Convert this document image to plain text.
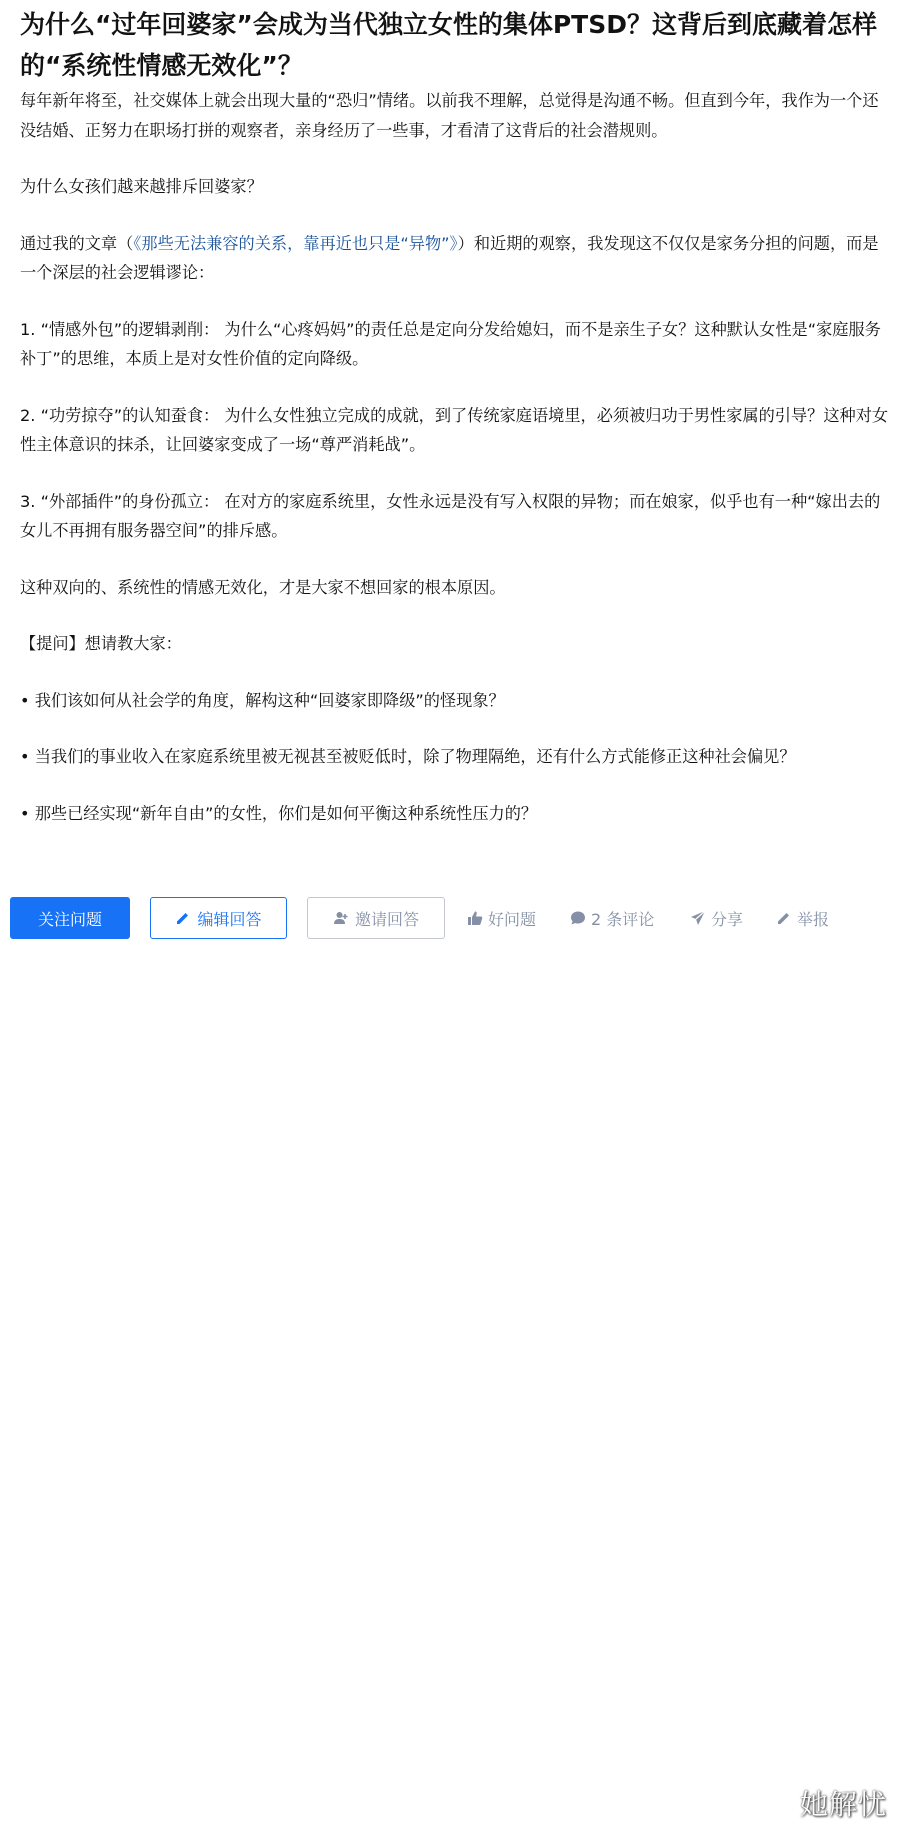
为什么“过年回婆家”会成为当代独立女性的集体PTSD？这背后到底藏着怎样的“系统性情感无效化”？

每年新年将至，社交媒体上就会出现大量的“恐归”情绪。以前我不理解，总觉得是沟通不畅。但直到今年，我作为一个还没结婚、正努力在职场打拼的观察者，亲身经历了一些事，才看清了这背后的社会潜规则。

为什么女孩们越来越排斥回婆家？

通过我的文章（《那些无法兼容的关系，靠再近也只是“异物”》）和近期的观察，我发现这不仅仅是家务分担的问题，而是一个深层的社会逻辑谬论：

1. “情感外包”的逻辑剥削： 为什么“心疼妈妈”的责任总是定向分发给媳妇，而不是亲生子女？这种默认女性是“家庭服务补丁”的思维，本质上是对女性价值的定向降级。

2. “功劳掠夺”的认知蚕食： 为什么女性独立完成的成就，到了传统家庭语境里，必须被归功于男性家属的引导？这种对女性主体意识的抹杀，让回婆家变成了一场“尊严消耗战”。

3. “外部插件”的身份孤立： 在对方的家庭系统里，女性永远是没有写入权限的异物；而在娘家，似乎也有一种“嫁出去的女儿不再拥有服务器空间”的排斥感。

这种双向的、系统性的情感无效化，才是大家不想回家的根本原因。

【提问】想请教大家：

• 我们该如何从社会学的角度，解构这种“回婆家即降级”的怪现象？

• 当我们的事业收入在家庭系统里被无视甚至被贬低时，除了物理隔绝，还有什么方式能修正这种社会偏见？

• 那些已经实现“新年自由”的女性，你们是如何平衡这种系统性压力的？

关注问题	编辑回答	邀请回答	好问题	2 条评论	分享	举报
她解忧
